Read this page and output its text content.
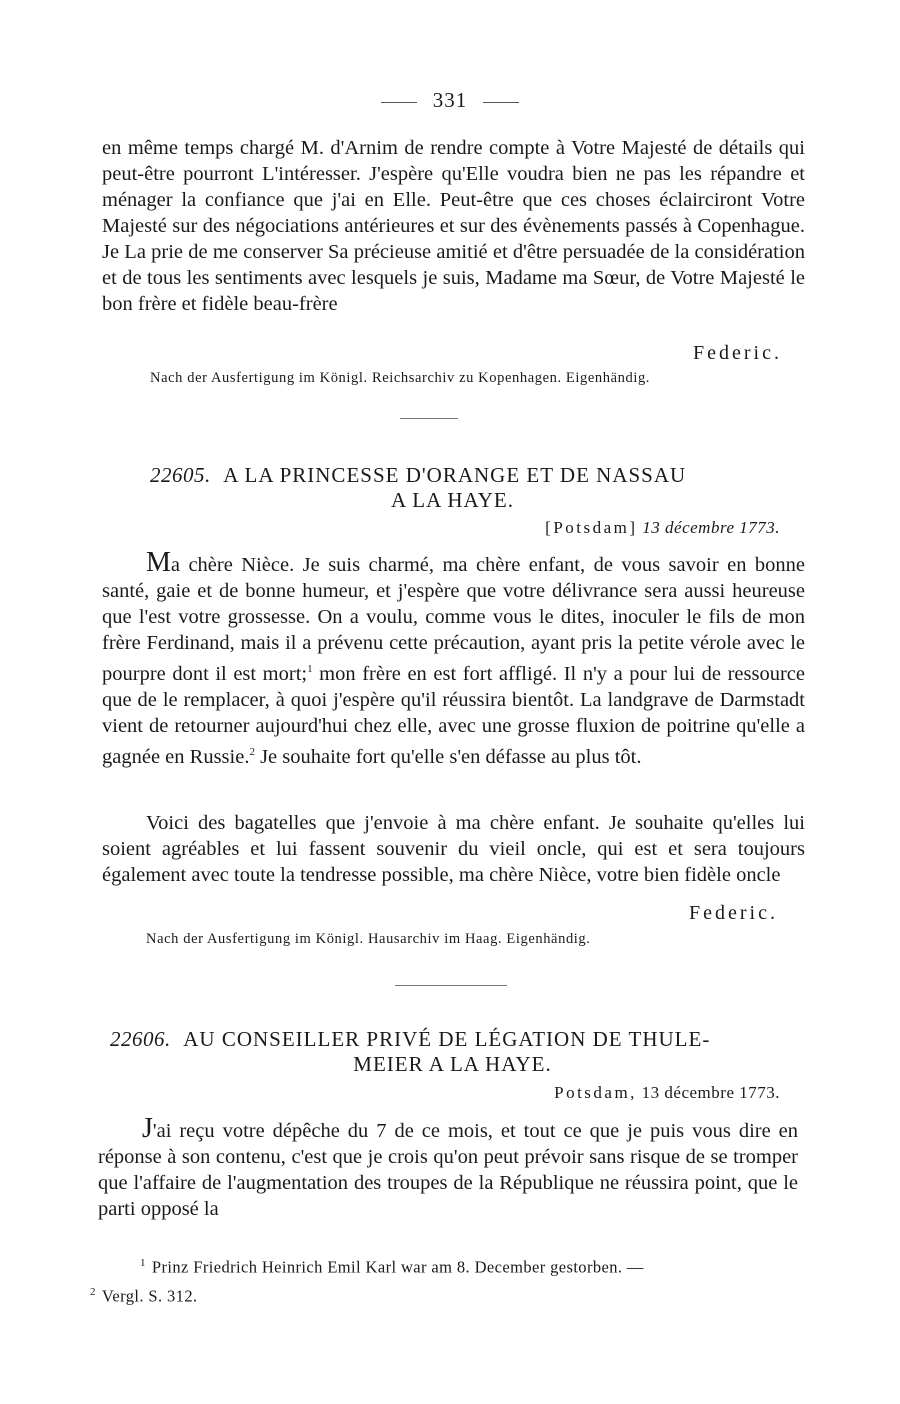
331

en même temps chargé M. d'Arnim de rendre compte à Votre Majesté de détails qui peut-être pourront L'intéresser. J'espère qu'Elle voudra bien ne pas les répandre et ménager la confiance que j'ai en Elle. Peut-être que ces choses éclairciront Votre Majesté sur des négociations antérieures et sur des évènements passés à Copenhague. Je La prie de me conserver Sa précieuse amitié et d'être persuadée de la considération et de tous les sentiments avec lesquels je suis, Madame ma Sœur, de Votre Majesté le bon frère et fidèle beau-frère

Federic.
Nach der Ausfertigung im Königl. Reichsarchiv zu Kopenhagen. Eigenhändig.
22605. A LA PRINCESSE D'ORANGE ET DE NASSAU
A LA HAYE.
[Potsdam] 13 décembre 1773.

Ma chère Nièce. Je suis charmé, ma chère enfant, de vous savoir en bonne santé, gaie et de bonne humeur, et j'espère que votre délivrance sera aussi heureuse que l'est votre grossesse. On a voulu, comme vous le dites, inoculer le fils de mon frère Ferdinand, mais il a prévenu cette précaution, ayant pris la petite vérole avec le pourpre dont il est mort;$^1$ mon frère en est fort affligé. Il n'y a pour lui de ressource que de le remplacer, à quoi j'espère qu'il réussira bientôt. La landgrave de Darmstadt vient de retourner aujourd'hui chez elle, avec une grosse fluxion de poitrine qu'elle a gagnée en Russie.$^2$ Je souhaite fort qu'elle s'en défasse au plus tôt.

Voici des bagatelles que j'envoie à ma chère enfant. Je souhaite qu'elles lui soient agréables et lui fassent souvenir du vieil oncle, qui est et sera toujours également avec toute la tendresse possible, ma chère Nièce, votre bien fidèle oncle

Federic.
Nach der Ausfertigung im Königl. Hausarchiv im Haag. Eigenhändig.
22606. AU CONSEILLER PRIVÉ DE LÉGATION DE THULE-
MEIER A LA HAYE.
Potsdam, 13 décembre 1773.

J'ai reçu votre dépêche du 7 de ce mois, et tout ce que je puis vous dire en réponse à son contenu, c'est que je crois qu'on peut prévoir sans risque de se tromper que l'affaire de l'augmentation des troupes de la République ne réussira point, que le parti opposé la

$^1$ Prinz Friedrich Heinrich Emil Karl war am 8. December gestorben. —
$^2$ Vergl. S. 312.
